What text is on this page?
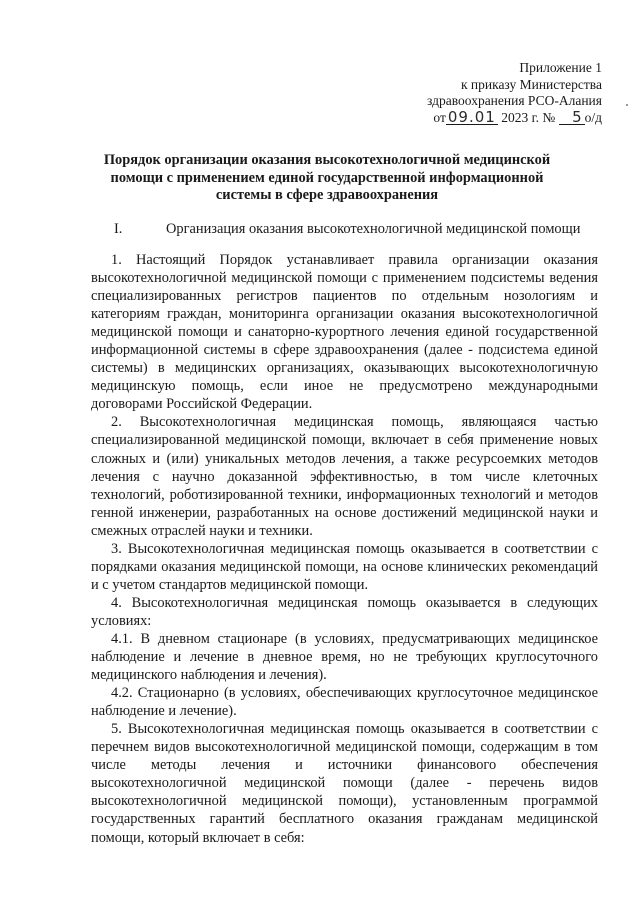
Приложение 1
к приказу Министерства
здравоохранения РСО-Алания
от 09.01 2023 г. № 5 о/д
Порядок организации оказания высокотехнологичной медицинской
помощи с применением единой государственной информационной
системы в сфере здравоохранения
I.	Организация оказания высокотехнологичной медицинской помощи

1. Настоящий Порядок устанавливает правила организации оказания высокотехнологичной медицинской помощи с применением подсистемы ведения специализированных регистров пациентов по отдельным нозологиям и категориям граждан, мониторинга организации оказания высокотехнологичной медицинской помощи и санаторно-курортного лечения единой государственной информационной системы в сфере здравоохранения (далее - подсистема единой системы) в медицинских организациях, оказывающих высокотехнологичную медицинскую помощь, если иное не предусмотрено международными договорами Российской Федерации.

2. Высокотехнологичная медицинская помощь, являющаяся частью специализированной медицинской помощи, включает в себя применение новых сложных и (или) уникальных методов лечения, а также ресурсоемких методов лечения с научно доказанной эффективностью, в том числе клеточных технологий, роботизированной техники, информационных технологий и методов генной инженерии, разработанных на основе достижений медицинской науки и смежных отраслей науки и техники.

3. Высокотехнологичная медицинская помощь оказывается в соответствии с порядками оказания медицинской помощи, на основе клинических рекомендаций и с учетом стандартов медицинской помощи.

4. Высокотехнологичная медицинская помощь оказывается в следующих условиях:

4.1. В дневном стационаре (в условиях, предусматривающих медицинское наблюдение и лечение в дневное время, но не требующих круглосуточного медицинского наблюдения и лечения).

4.2. Стационарно (в условиях, обеспечивающих круглосуточное медицинское наблюдение и лечение).

5. Высокотехнологичная медицинская помощь оказывается в соответствии с перечнем видов высокотехнологичной медицинской помощи, содержащим в том числе методы лечения и источники финансового обеспечения высокотехнологичной медицинской помощи (далее - перечень видов высокотехнологичной медицинской помощи), установленным программой государственных гарантий бесплатного оказания гражданам медицинской помощи, который включает в себя:
